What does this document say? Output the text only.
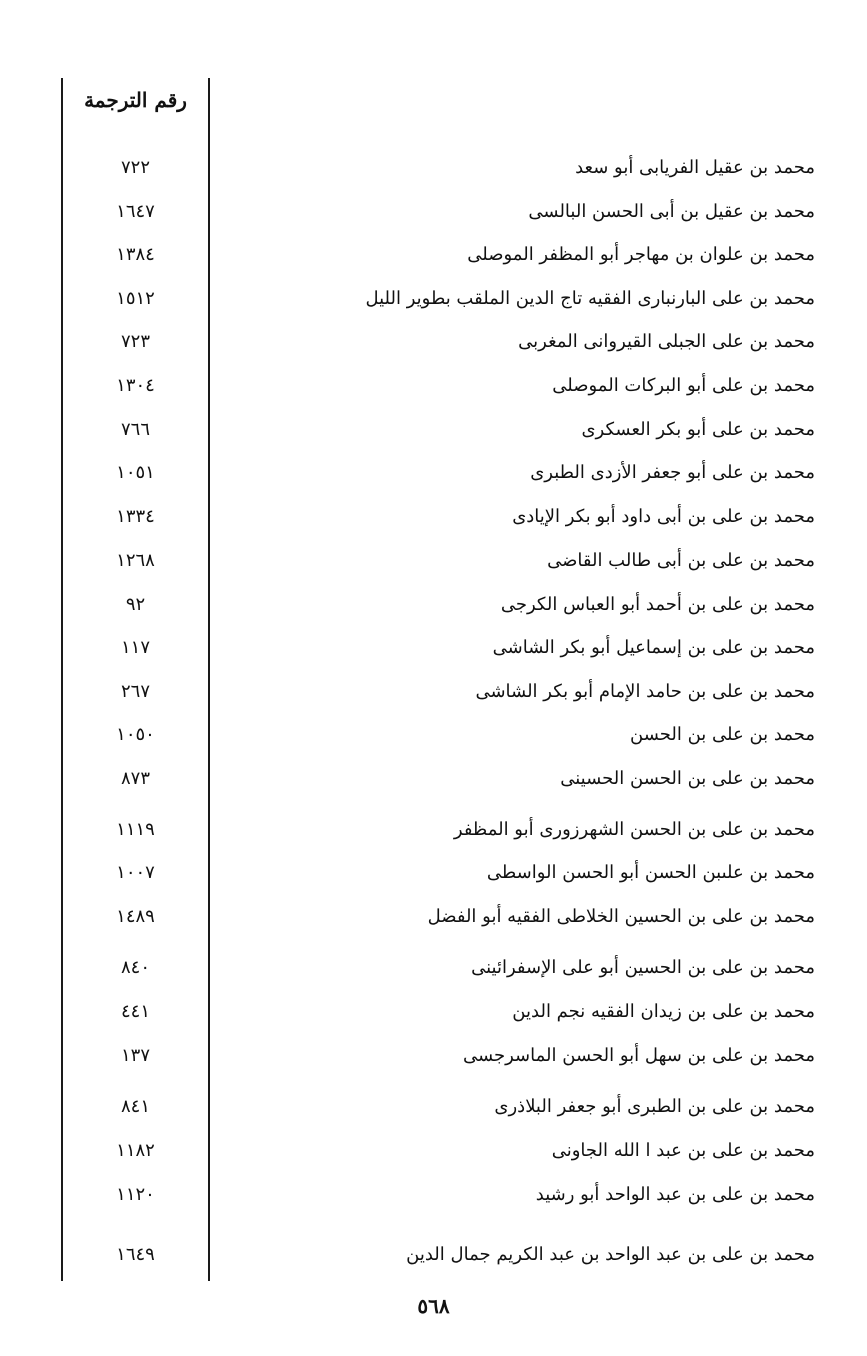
رقم الترجمة
محمد بن عقيل الفريابى أبو سعد
٧٢٢
محمد بن عقيل بن أبى الحسن البالسى
١٦٤٧
محمد بن علوان بن مهاجر أبو المظفر الموصلى
١٣٨٤
محمد بن على البارنبارى الفقيه تاج الدين الملقب بطوير الليل
١٥١٢
محمد بن على الجبلى القيروانى المغربى
٧٢٣
محمد بن على أبو البركات الموصلى
١٣٠٤
محمد بن على أبو بكر العسكرى
٧٦٦
محمد بن على أبو جعفر الأزدى الطبرى
١٠٥١
محمد بن على بن أبى داود أبو بكر الإيادى
١٣٣٤
محمد بن على بن أبى طالب القاضى
١٢٦٨
محمد بن على بن أحمد أبو العباس الكرجى
٩٢
محمد بن على بن إسماعيل أبو بكر الشاشى
١١٧
محمد بن على بن حامد الإمام أبو بكر الشاشى
٢٦٧
محمد بن على بن الحسن
١٠٥٠
محمد بن على بن الحسن الحسينى
٨٧٣
محمد بن على بن الحسن الشهرزورى أبو المظفر
١١١٩
محمد بن علىبن الحسن أبو الحسن الواسطى
١٠٠٧
محمد بن على بن الحسين الخلاطى الفقيه أبو الفضل
١٤٨٩
محمد بن على بن الحسين أبو على الإسفرائينى
٨٤٠
محمد بن على بن زيدان الفقيه نجم الدين
٤٤١
محمد بن على بن سهل أبو الحسن الماسرجسى
١٣٧
محمد بن على بن الطبرى أبو جعفر البلاذرى
٨٤١
محمد بن على بن عبد ا الله الجاونى
١١٨٢
محمد بن على بن عبد الواحد أبو رشيد
١١٢٠
محمد بن على بن عبد الواحد بن عبد الكريم جمال الدين
١٦٤٩
٥٦٨
